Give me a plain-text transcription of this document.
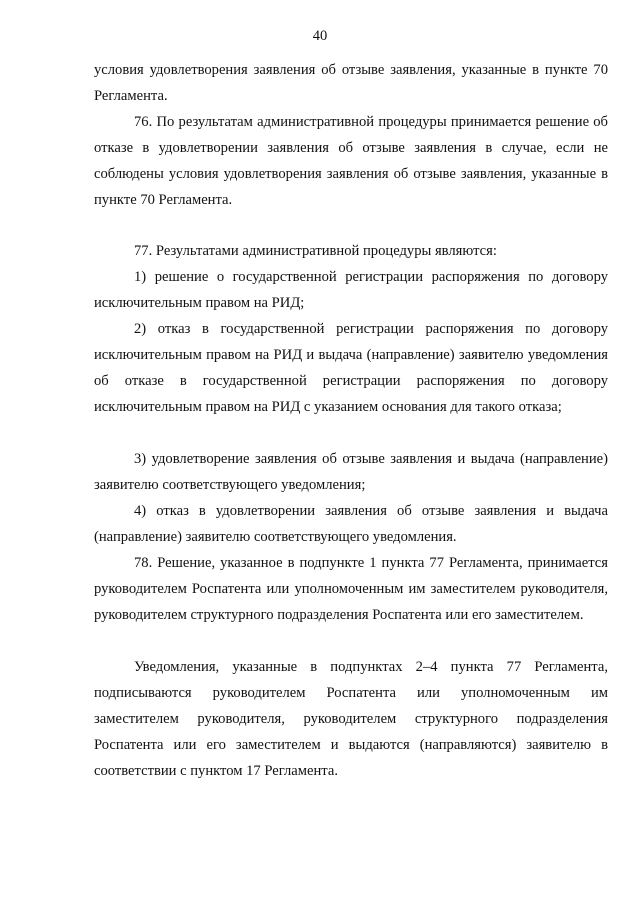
40

условия удовлетворения заявления об отзыве заявления, указанные в пункте 70 Регламента.

76. По результатам административной процедуры принимается решение об отказе в удовлетворении заявления об отзыве заявления в случае, если не соблюдены условия удовлетворения заявления об отзыве заявления, указанные в пункте 70 Регламента.

77. Результатами административной процедуры являются:

1) решение о государственной регистрации распоряжения по договору исключительным правом на РИД;

2) отказ в государственной регистрации распоряжения по договору исключительным правом на РИД и выдача (направление) заявителю уведомления об отказе в государственной регистрации распоряжения по договору исключительным правом на РИД с указанием основания для такого отказа;

3) удовлетворение заявления об отзыве заявления и выдача (направление) заявителю соответствующего уведомления;

4) отказ в удовлетворении заявления об отзыве заявления и выдача (направление) заявителю соответствующего уведомления.

78. Решение, указанное в подпункте 1 пункта 77 Регламента, принимается руководителем Роспатента или уполномоченным им заместителем руководителя, руководителем структурного подразделения Роспатента или его заместителем.

Уведомления, указанные в подпунктах 2–4 пункта 77 Регламента, подписываются руководителем Роспатента или уполномоченным им заместителем руководителя, руководителем структурного подразделения Роспатента или его заместителем и выдаются (направляются) заявителю в соответствии с пунктом 17 Регламента.
